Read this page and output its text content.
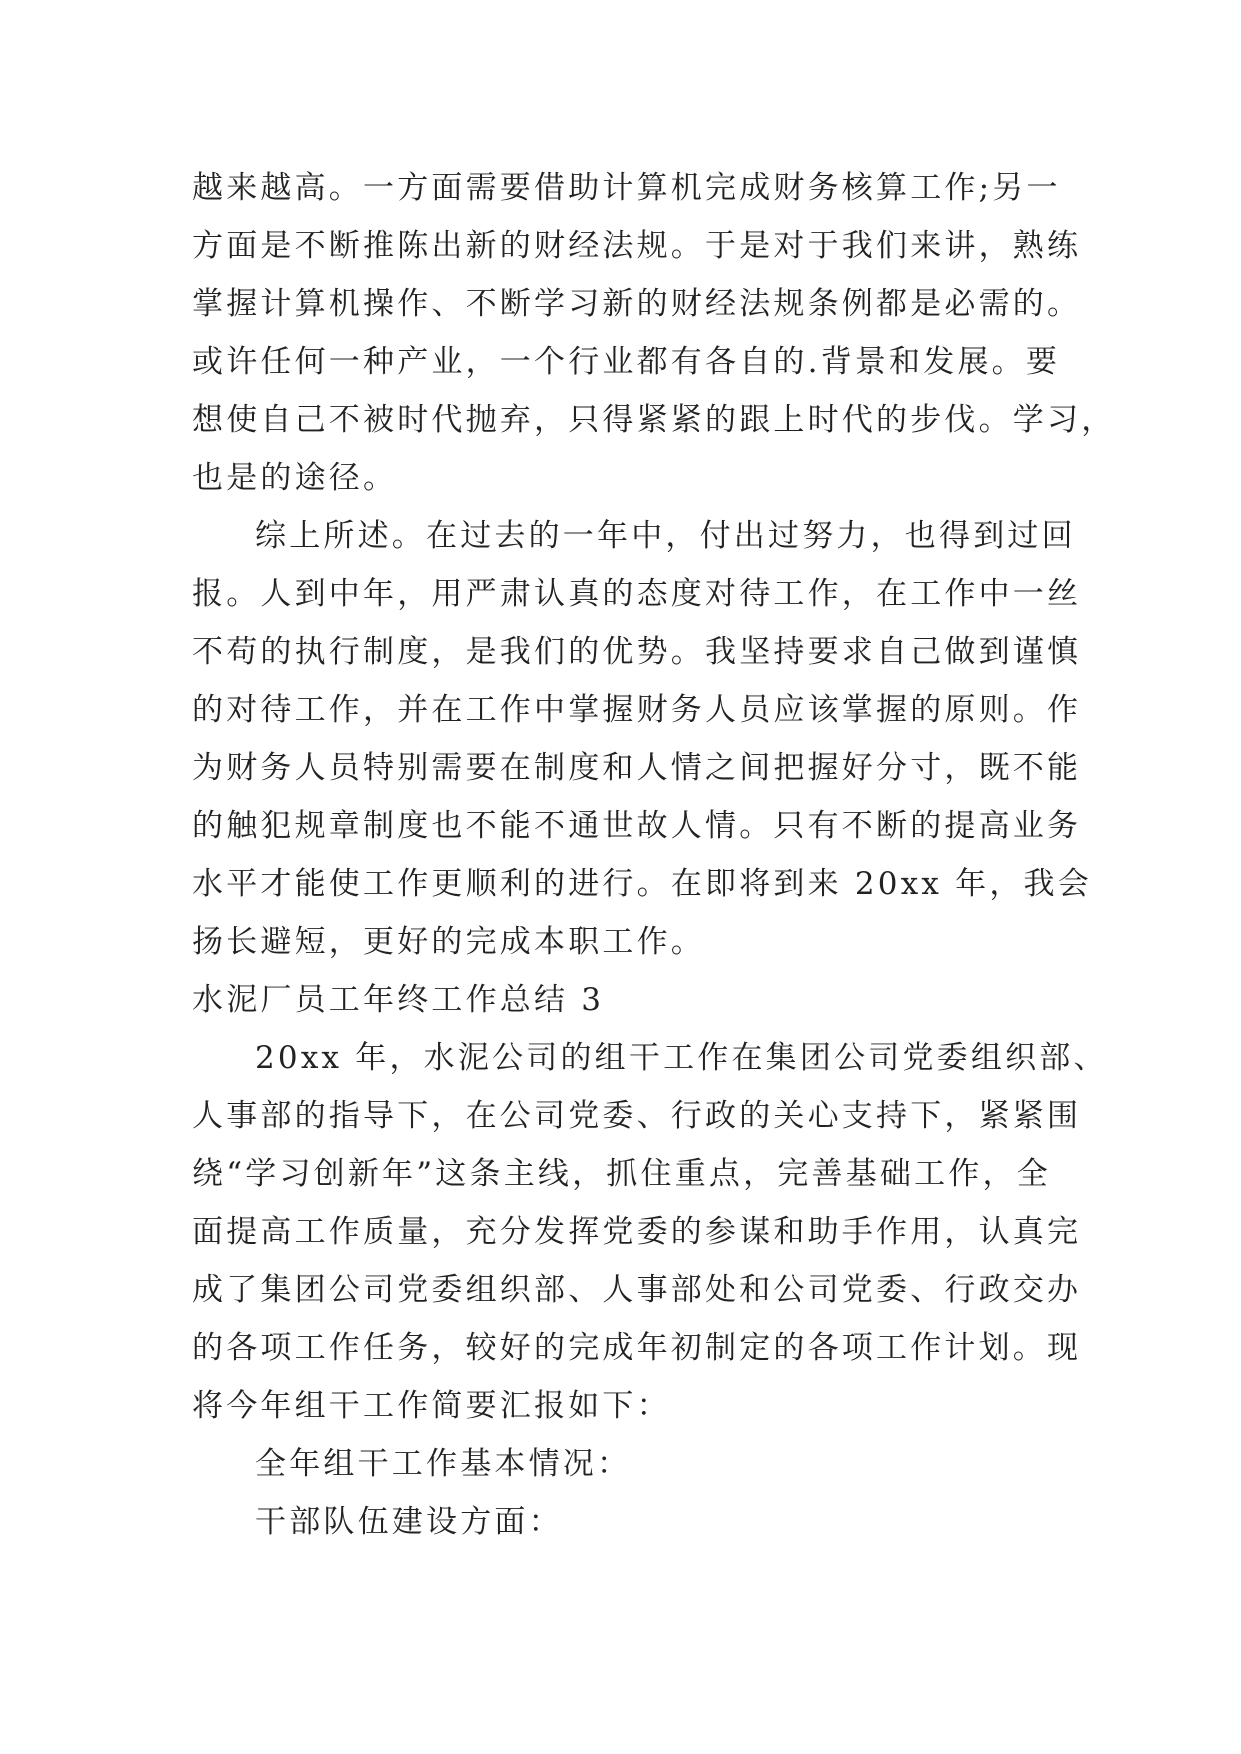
越来越高。一方面需要借助计算机完成财务核算工作;另一
方面是不断推陈出新的财经法规。于是对于我们来讲，熟练
掌握计算机操作、不断学习新的财经法规条例都是必需的。
或许任何一种产业，一个行业都有各自的.背景和发展。要
想使自己不被时代抛弃，只得紧紧的跟上时代的步伐。学习，
也是的途径。
综上所述。在过去的一年中，付出过努力，也得到过回
报。人到中年，用严肃认真的态度对待工作，在工作中一丝
不苟的执行制度，是我们的优势。我坚持要求自己做到谨慎
的对待工作，并在工作中掌握财务人员应该掌握的原则。作
为财务人员特别需要在制度和人情之间把握好分寸，既不能
的触犯规章制度也不能不通世故人情。只有不断的提高业务
水平才能使工作更顺利的进行。在即将到来 20xx 年，我会
扬长避短，更好的完成本职工作。
水泥厂员工年终工作总结 3
20xx 年，水泥公司的组干工作在集团公司党委组织部、
人事部的指导下，在公司党委、行政的关心支持下，紧紧围
绕“学习创新年”这条主线，抓住重点，完善基础工作，全
面提高工作质量，充分发挥党委的参谋和助手作用，认真完
成了集团公司党委组织部、人事部处和公司党委、行政交办
的各项工作任务，较好的完成年初制定的各项工作计划。现
将今年组干工作简要汇报如下：
全年组干工作基本情况：
干部队伍建设方面：
